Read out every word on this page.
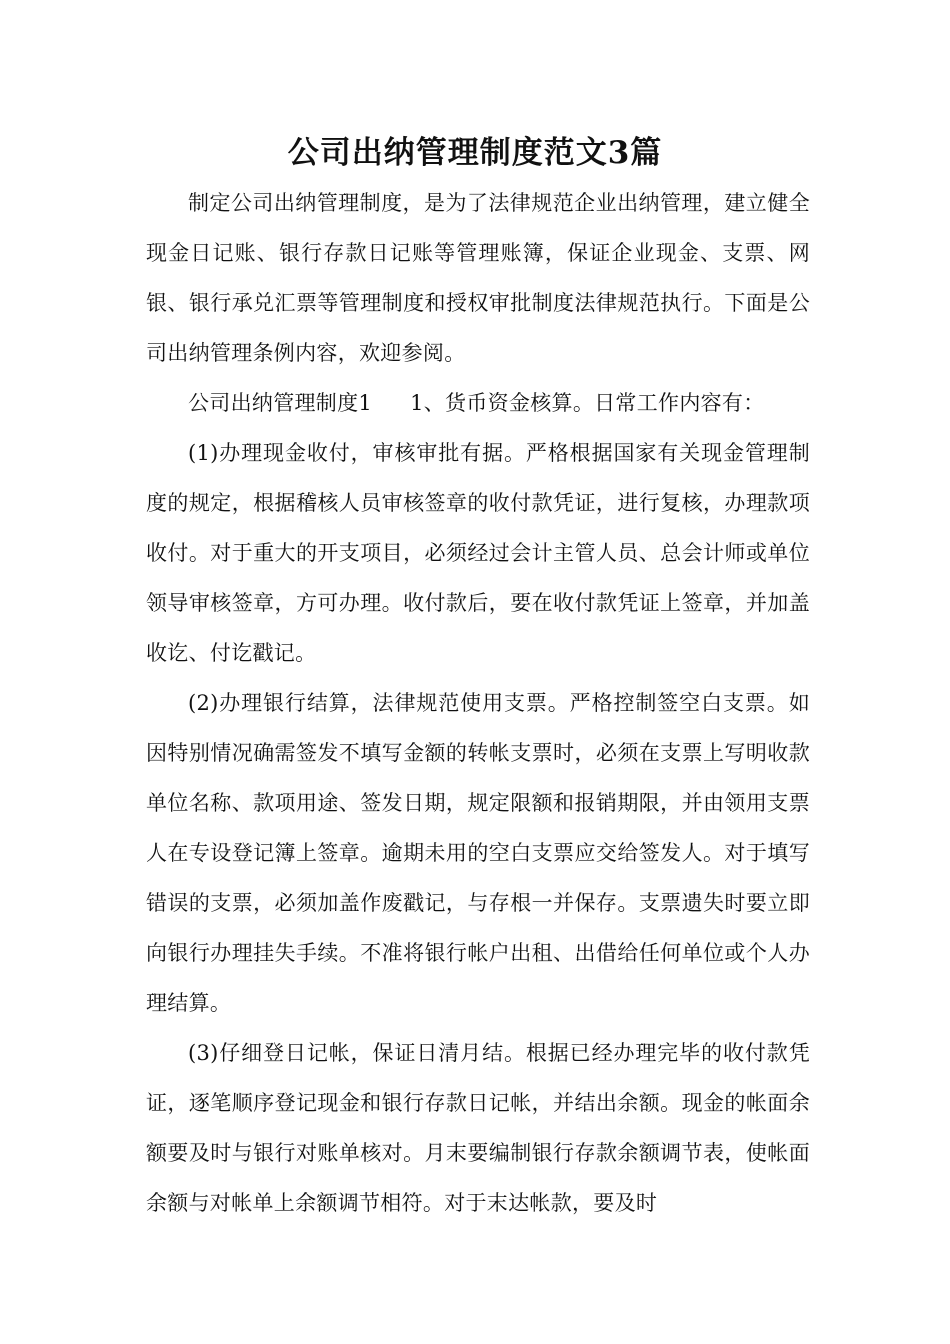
公司出纳管理制度范文3篇

制定公司出纳管理制度，是为了法律规范企业出纳管理，建立健全现金日记账、银行存款日记账等管理账簿，保证企业现金、支票、网银、银行承兑汇票等管理制度和授权审批制度法律规范执行。下面是公司出纳管理条例内容，欢迎参阅。

公司出纳管理制度1 1、货币资金核算。日常工作内容有：

(1)办理现金收付，审核审批有据。严格根据国家有关现金管理制度的规定，根据稽核人员审核签章的收付款凭证，进行复核，办理款项收付。对于重大的开支项目，必须经过会计主管人员、总会计师或单位领导审核签章，方可办理。收付款后，要在收付款凭证上签章，并加盖收讫、付讫戳记。

(2)办理银行结算，法律规范使用支票。严格控制签空白支票。如因特别情况确需签发不填写金额的转帐支票时，必须在支票上写明收款单位名称、款项用途、签发日期，规定限额和报销期限，并由领用支票人在专设登记簿上签章。逾期未用的空白支票应交给签发人。对于填写错误的支票，必须加盖作废戳记，与存根一并保存。支票遗失时要立即向银行办理挂失手续。不准将银行帐户出租、出借给任何单位或个人办理结算。

(3)仔细登日记帐，保证日清月结。根据已经办理完毕的收付款凭证，逐笔顺序登记现金和银行存款日记帐，并结出余额。现金的帐面余额要及时与银行对账单核对。月末要编制银行存款余额调节表，使帐面余额与对帐单上余额调节相符。对于末达帐款，要及时
